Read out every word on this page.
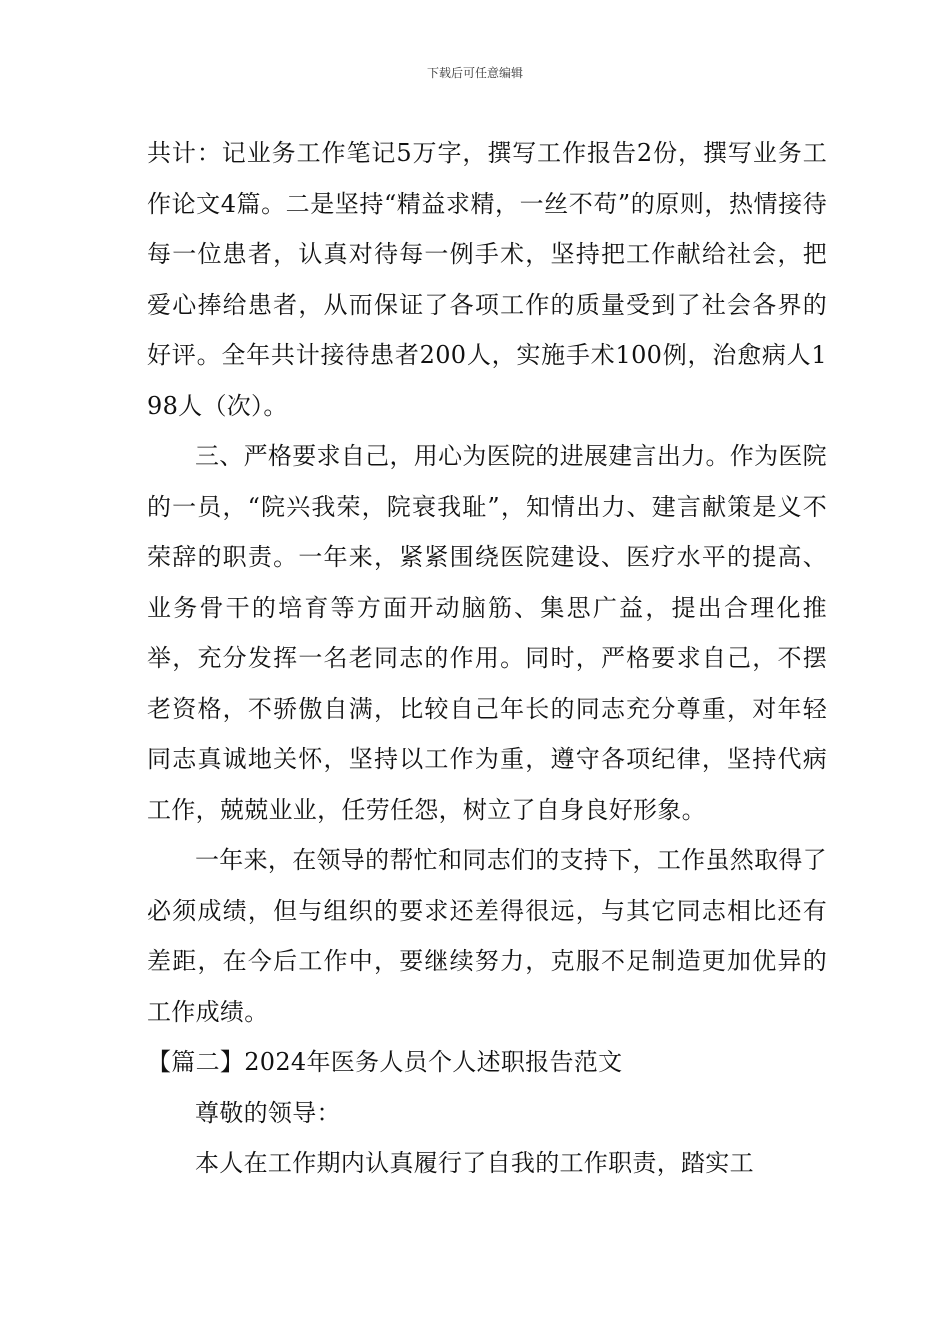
下载后可任意编辑

共计：记业务工作笔记5万字，撰写工作报告2份，撰写业务工作论文4篇。二是坚持“精益求精，一丝不苟”的原则，热情接待每一位患者，认真对待每一例手术，坚持把工作献给社会，把爱心捧给患者，从而保证了各项工作的质量受到了社会各界的好评。全年共计接待患者200人，实施手术100例，治愈病人198人（次）。

三、严格要求自己，用心为医院的进展建言出力。作为医院的一员，“院兴我荣，院衰我耻”，知情出力、建言献策是义不荣辞的职责。一年来，紧紧围绕医院建设、医疗水平的提高、业务骨干的培育等方面开动脑筋、集思广益，提出合理化推举，充分发挥一名老同志的作用。同时，严格要求自己，不摆老资格，不骄傲自满，比较自己年长的同志充分尊重，对年轻同志真诚地关怀，坚持以工作为重，遵守各项纪律，坚持代病工作，兢兢业业，任劳任怨，树立了自身良好形象。

一年来，在领导的帮忙和同志们的支持下，工作虽然取得了必须成绩，但与组织的要求还差得很远，与其它同志相比还有差距，在今后工作中，要继续努力，克服不足制造更加优异的工作成绩。

【篇二】2024年医务人员个人述职报告范文

尊敬的领导：

本人在工作期内认真履行了自我的工作职责，踏实工
